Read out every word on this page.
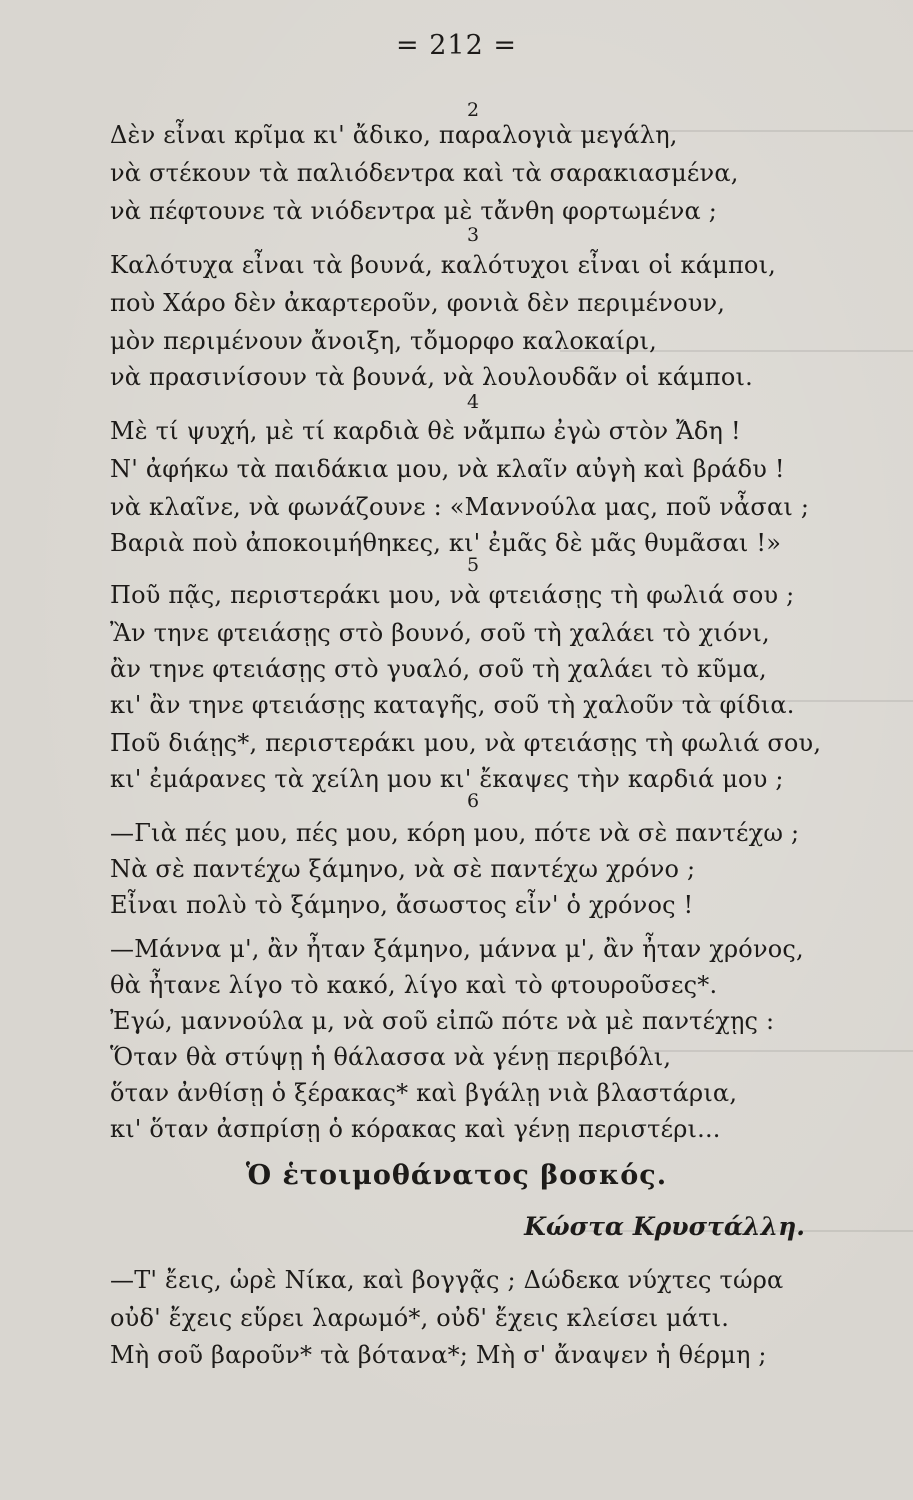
= 212 =
2
Δὲν εἶναι κρῖμα κι' ἄδικο, παραλογιὰ μεγάλη,
νὰ στέκουν τὰ παλιόδεντρα καὶ τὰ σαρακιασμένα,
νὰ πέφτουνε τὰ νιόδεντρα μὲ τἄνθη φορτωμένα ;
3
Καλότυχα εἶναι τὰ βουνά, καλότυχοι εἶναι οἱ κάμποι,
ποὺ Χάρο δὲν ἀκαρτεροῦν, φονιὰ δὲν περιμένουν,
μὸν περιμένουν ἄνοιξη, τὄμορφο καλοκαίρι,
νὰ πρασινίσουν τὰ βουνά, νὰ λουλουδᾶν οἱ κάμποι.
4
Μὲ τί ψυχή, μὲ τί καρδιὰ θὲ νἄμπω ἐγὼ στὸν Ἄδη !
Ν' ἀφήκω τὰ παιδάκια μου, νὰ κλαῖν αὐγὴ καὶ βράδυ !
νὰ κλαῖνε, νὰ φωνάζουνε : «Μαννούλα μας, ποῦ νἆσαι ;
Βαριὰ ποὺ ἀποκοιμήθηκες, κι' ἐμᾶς δὲ μᾶς θυμᾶσαι !»
5
Ποῦ πᾷς, περιστεράκι μου, νὰ φτειάσῃς τὴ φωλιά σου ;
Ἂν τηνε φτειάσῃς στὸ βουνό, σοῦ τὴ χαλάει τὸ χιόνι,
ἂν τηνε φτειάσῃς στὸ γυαλό, σοῦ τὴ χαλάει τὸ κῦμα,
κι' ἂν τηνε φτειάσῃς καταγῆς, σοῦ τὴ χαλοῦν τὰ φίδια.
Ποῦ διάῃς*, περιστεράκι μου, νὰ φτειάσῃς τὴ φωλιά σου,
κι' ἐμάρανες τὰ χείλη μου κι' ἔκαψες τὴν καρδιά μου ;
6
—Γιὰ πές μου, πές μου, κόρη μου, πότε νὰ σὲ παντέχω ;
Νὰ σὲ παντέχω ξάμηνο, νὰ σὲ παντέχω χρόνο ;
Εἶναι πολὺ τὸ ξάμηνο, ἄσωστος εἶν' ὁ χρόνος !
—Μάννα μ', ἂν ἦταν ξάμηνο, μάννα μ', ἂν ἦταν χρόνος,
θὰ ἦτανε λίγο τὸ κακό, λίγο καὶ τὸ φτουροῦσες*.
Ἐγώ, μαννούλα μ, νὰ σοῦ εἰπῶ πότε νὰ μὲ παντέχῃς :
Ὅταν θὰ στύψῃ ἡ θάλασσα νὰ γένῃ περιβόλι,
ὅταν ἀνθίσῃ ὁ ξέρακας* καὶ βγάλῃ νιὰ βλαστάρια,
κι' ὅταν ἀσπρίσῃ ὁ κόρακας καὶ γένῃ περιστέρι...
Ὁ ἑτοιμοθάνατος βοσκός.
Κώστα Κρυστάλλη.
—Τ' ἔεις, ὡρὲ Νίκα, καὶ βογγᾷς ; Δώδεκα νύχτες τώρα
οὐδ' ἔχεις εὕρει λαρωμό*, οὐδ' ἔχεις κλείσει μάτι.
Μὴ σοῦ βαροῦν* τὰ βότανα*; Μὴ σ' ἄναψεν ἡ θέρμη ;
